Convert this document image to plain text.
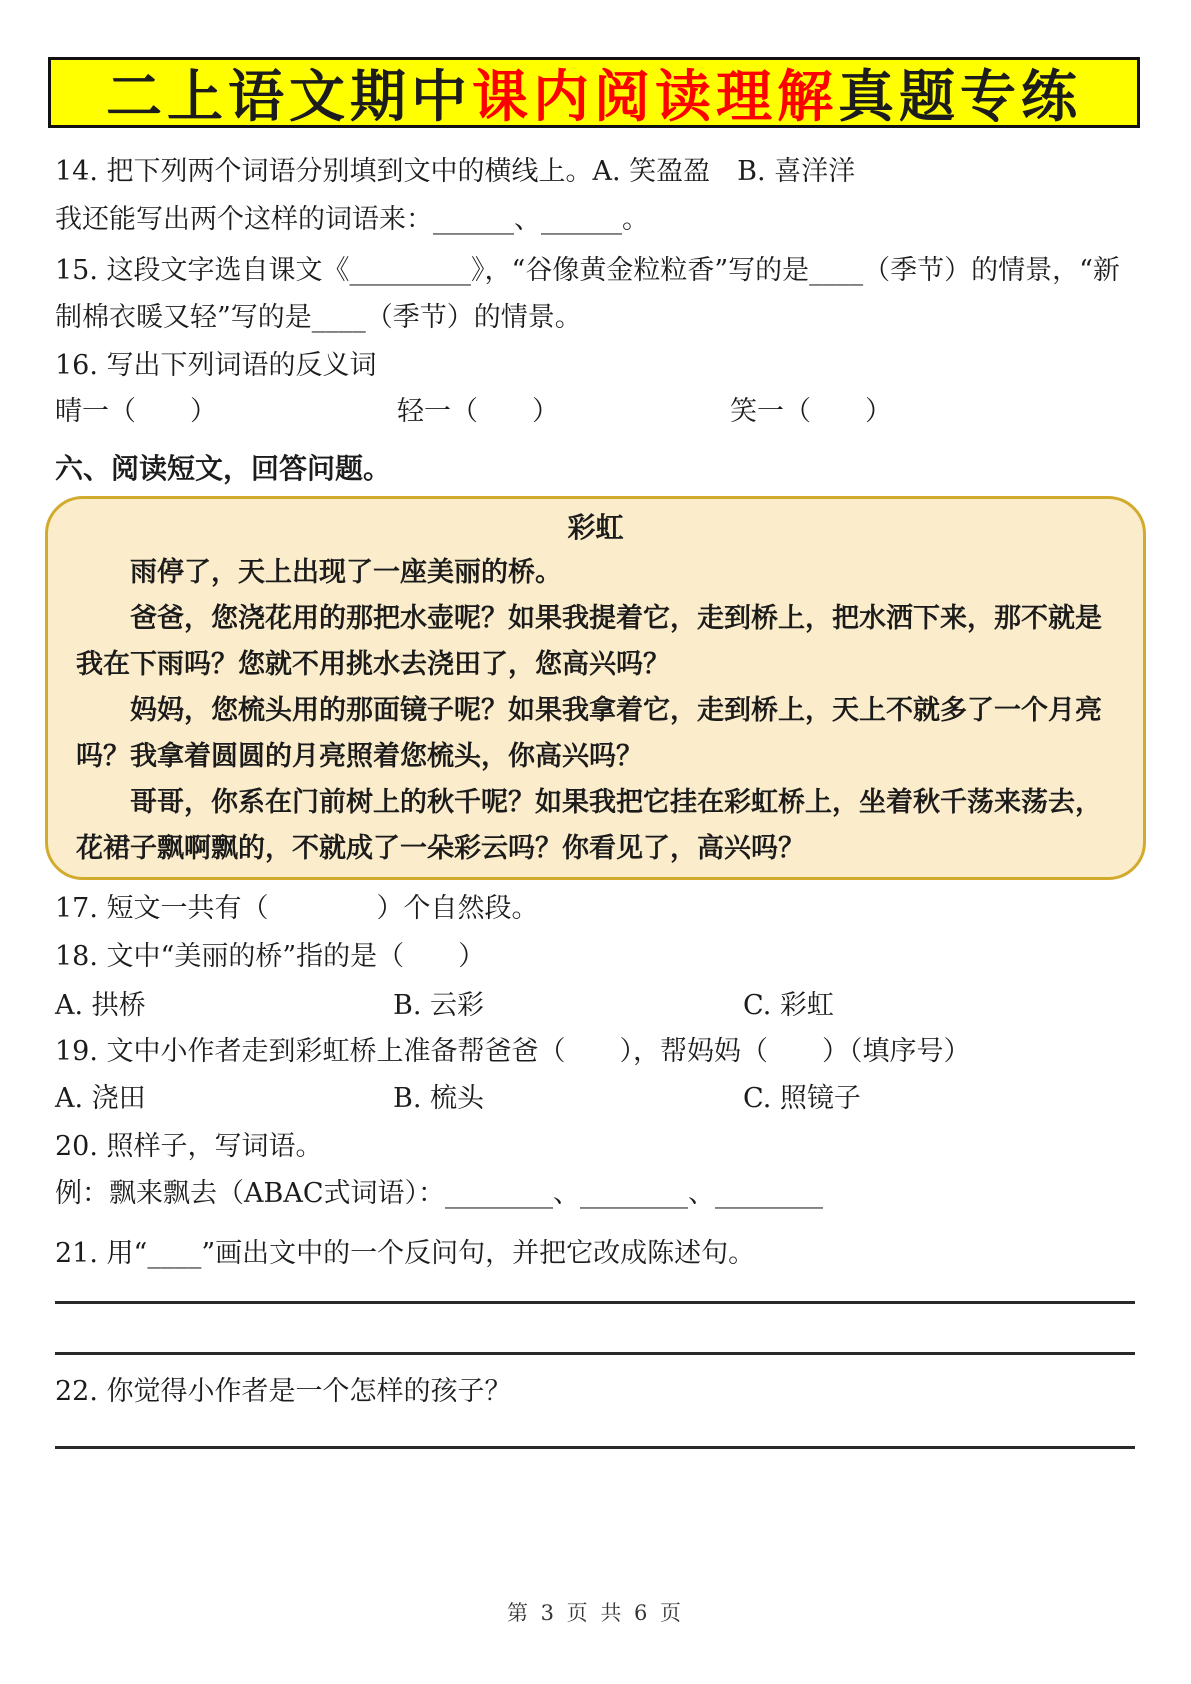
二上语文期中 课内阅读理解 真题专练
14. 把下列两个词语分别填到文中的横线上。A. 笑盈盈　B. 喜洋洋
我还能写出两个这样的词语来：______、______。
15. 这段文字选自课文《_________》，“谷像黄金粒粒香”写的是____（季节）的情景，“新制棉衣暖又轻”写的是____（季节）的情景。
16. 写出下列词语的反义词
晴一（　　）	轻一（　　）	笑一（　　）
六、阅读短文，回答问题。

彩虹

雨停了，天上出现了一座美丽的桥。

爸爸，您浇花用的那把水壶呢？如果我提着它，走到桥上，把水洒下来，那不就是我在下雨吗？您就不用挑水去浇田了，您高兴吗？

妈妈，您梳头用的那面镜子呢？如果我拿着它，走到桥上，天上不就多了一个月亮吗？我拿着圆圆的月亮照着您梳头，你高兴吗？

哥哥，你系在门前树上的秋千呢？如果我把它挂在彩虹桥上，坐着秋千荡来荡去，花裙子飘啊飘的，不就成了一朵彩云吗？你看见了，高兴吗？

17. 短文一共有（　　　　）个自然段。
18. 文中“美丽的桥”指的是（　　）
A. 拱桥	B. 云彩	C. 彩虹
19. 文中小作者走到彩虹桥上准备帮爸爸（　　），帮妈妈（　　）（填序号）
A. 浇田	B. 梳头	C. 照镜子
20. 照样子，写词语。
例：飘来飘去（ABAC式词语）：________、________、________
21. 用“____”画出文中的一个反问句，并把它改成陈述句。
22. 你觉得小作者是一个怎样的孩子？
第 3 页 共 6 页
